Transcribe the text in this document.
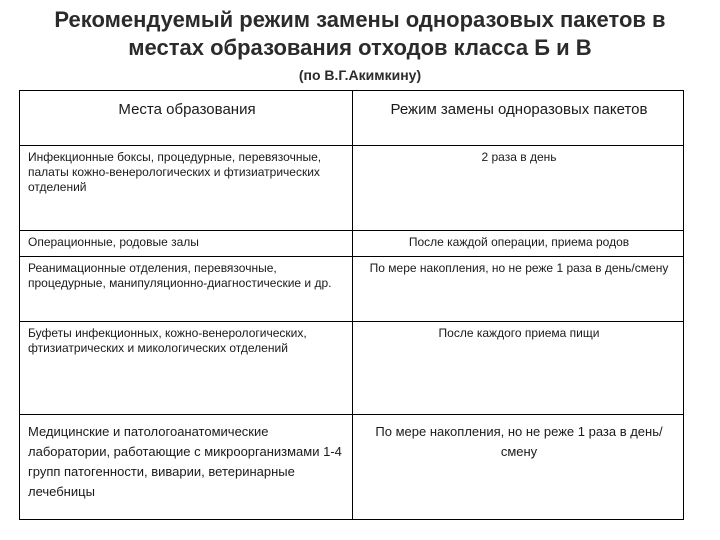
Рекомендуемый режим замены одноразовых пакетов в
местах образования отходов класса Б и В
(по В.Г.Акимкину)
Места образования	Режим замены одноразовых пакетов
Инфекционные боксы, процедурные, перевязочные, палаты кожно-венерологических и фтизиатрических отделений	2 раза в день
Операционные, родовые залы	После каждой операции, приема родов
Реанимационные отделения, перевязочные, процедурные, манипуляционно-диагностические и др.	По мере накопления, но не реже 1 раза в день/смену
Буфеты инфекционных, кожно-венерологических, фтизиатрических и микологических отделений	После каждого приема пищи
Медицинские и патологоанатомические лаборатории, работающие с микроорганизмами 1-4 групп патогенности, виварии, ветеринарные лечебницы	По мере накопления, но не реже 1 раза в день/смену
